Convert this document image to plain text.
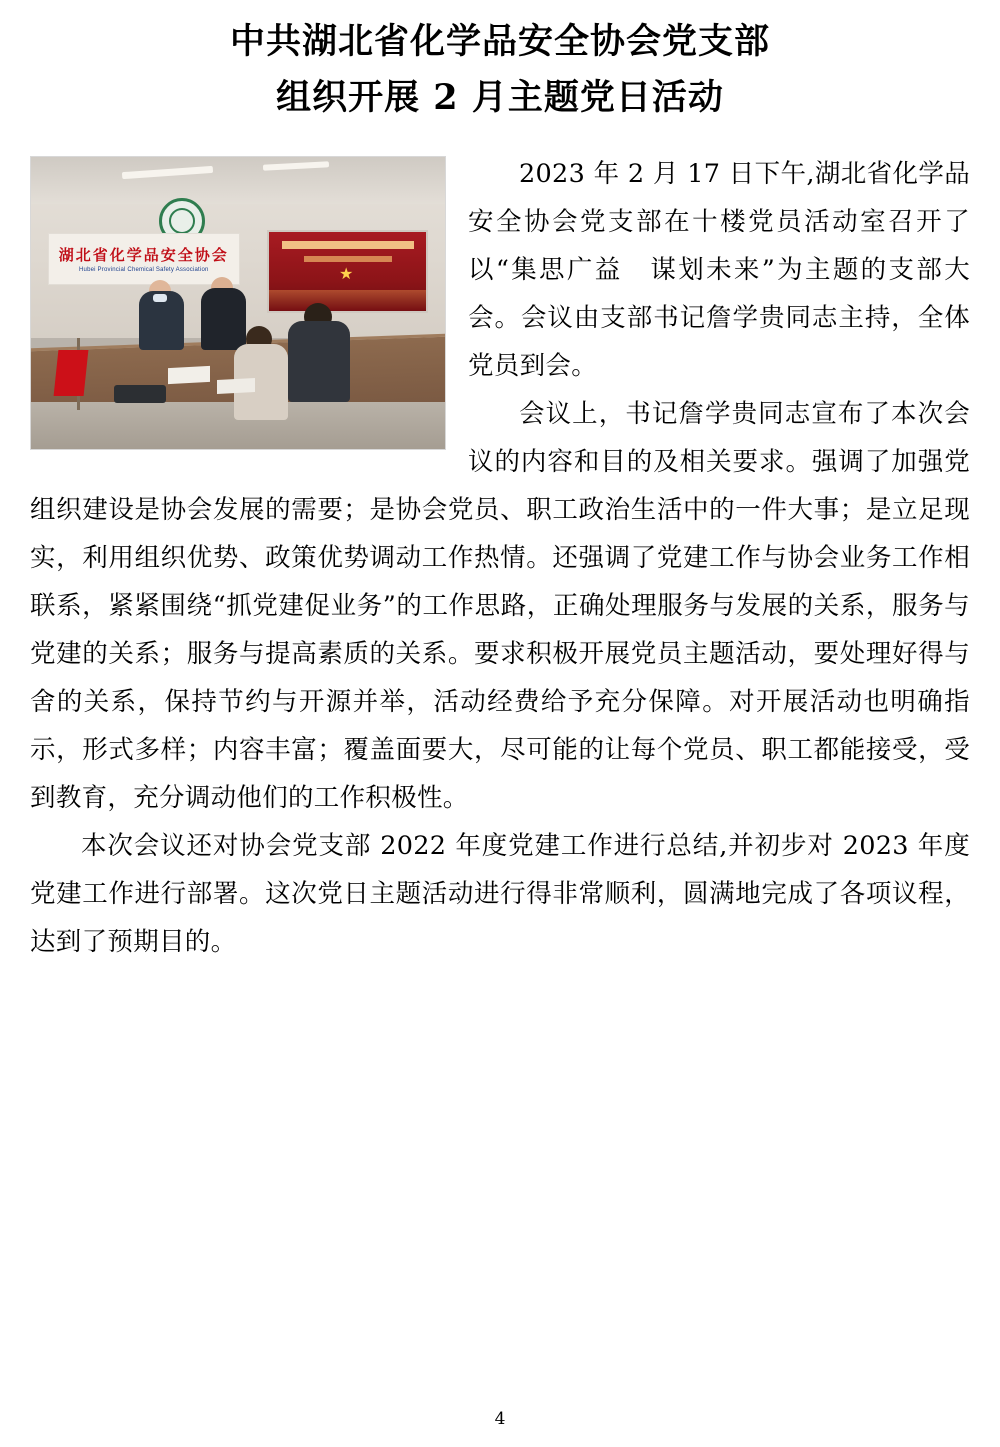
中共湖北省化学品安全协会党支部
组织开展 2 月主题党日活动
湖北省化学品安全协会
Hubei Provincial Chemical Safety Association	★

2023 年 2 月 17 日下午,湖北省化学品安全协会党支部在十楼党员活动室召开了以“集思广益　谋划未来”为主题的支部大会。会议由支部书记詹学贵同志主持，全体党员到会。

会议上，书记詹学贵同志宣布了本次会议的内容和目的及相关要求。强调了加强党组织建设是协会发展的需要；是协会党员、职工政治生活中的一件大事；是立足现实，利用组织优势、政策优势调动工作热情。还强调了党建工作与协会业务工作相联系，紧紧围绕“抓党建促业务”的工作思路，正确处理服务与发展的关系，服务与党建的关系；服务与提高素质的关系。要求积极开展党员主题活动，要处理好得与舍的关系，保持节约与开源并举，活动经费给予充分保障。对开展活动也明确指示，形式多样；内容丰富；覆盖面要大，尽可能的让每个党员、职工都能接受，受到教育，充分调动他们的工作积极性。

本次会议还对协会党支部 2022 年度党建工作进行总结,并初步对 2023 年度党建工作进行部署。这次党日主题活动进行得非常顺利，圆满地完成了各项议程，达到了预期目的。

4
